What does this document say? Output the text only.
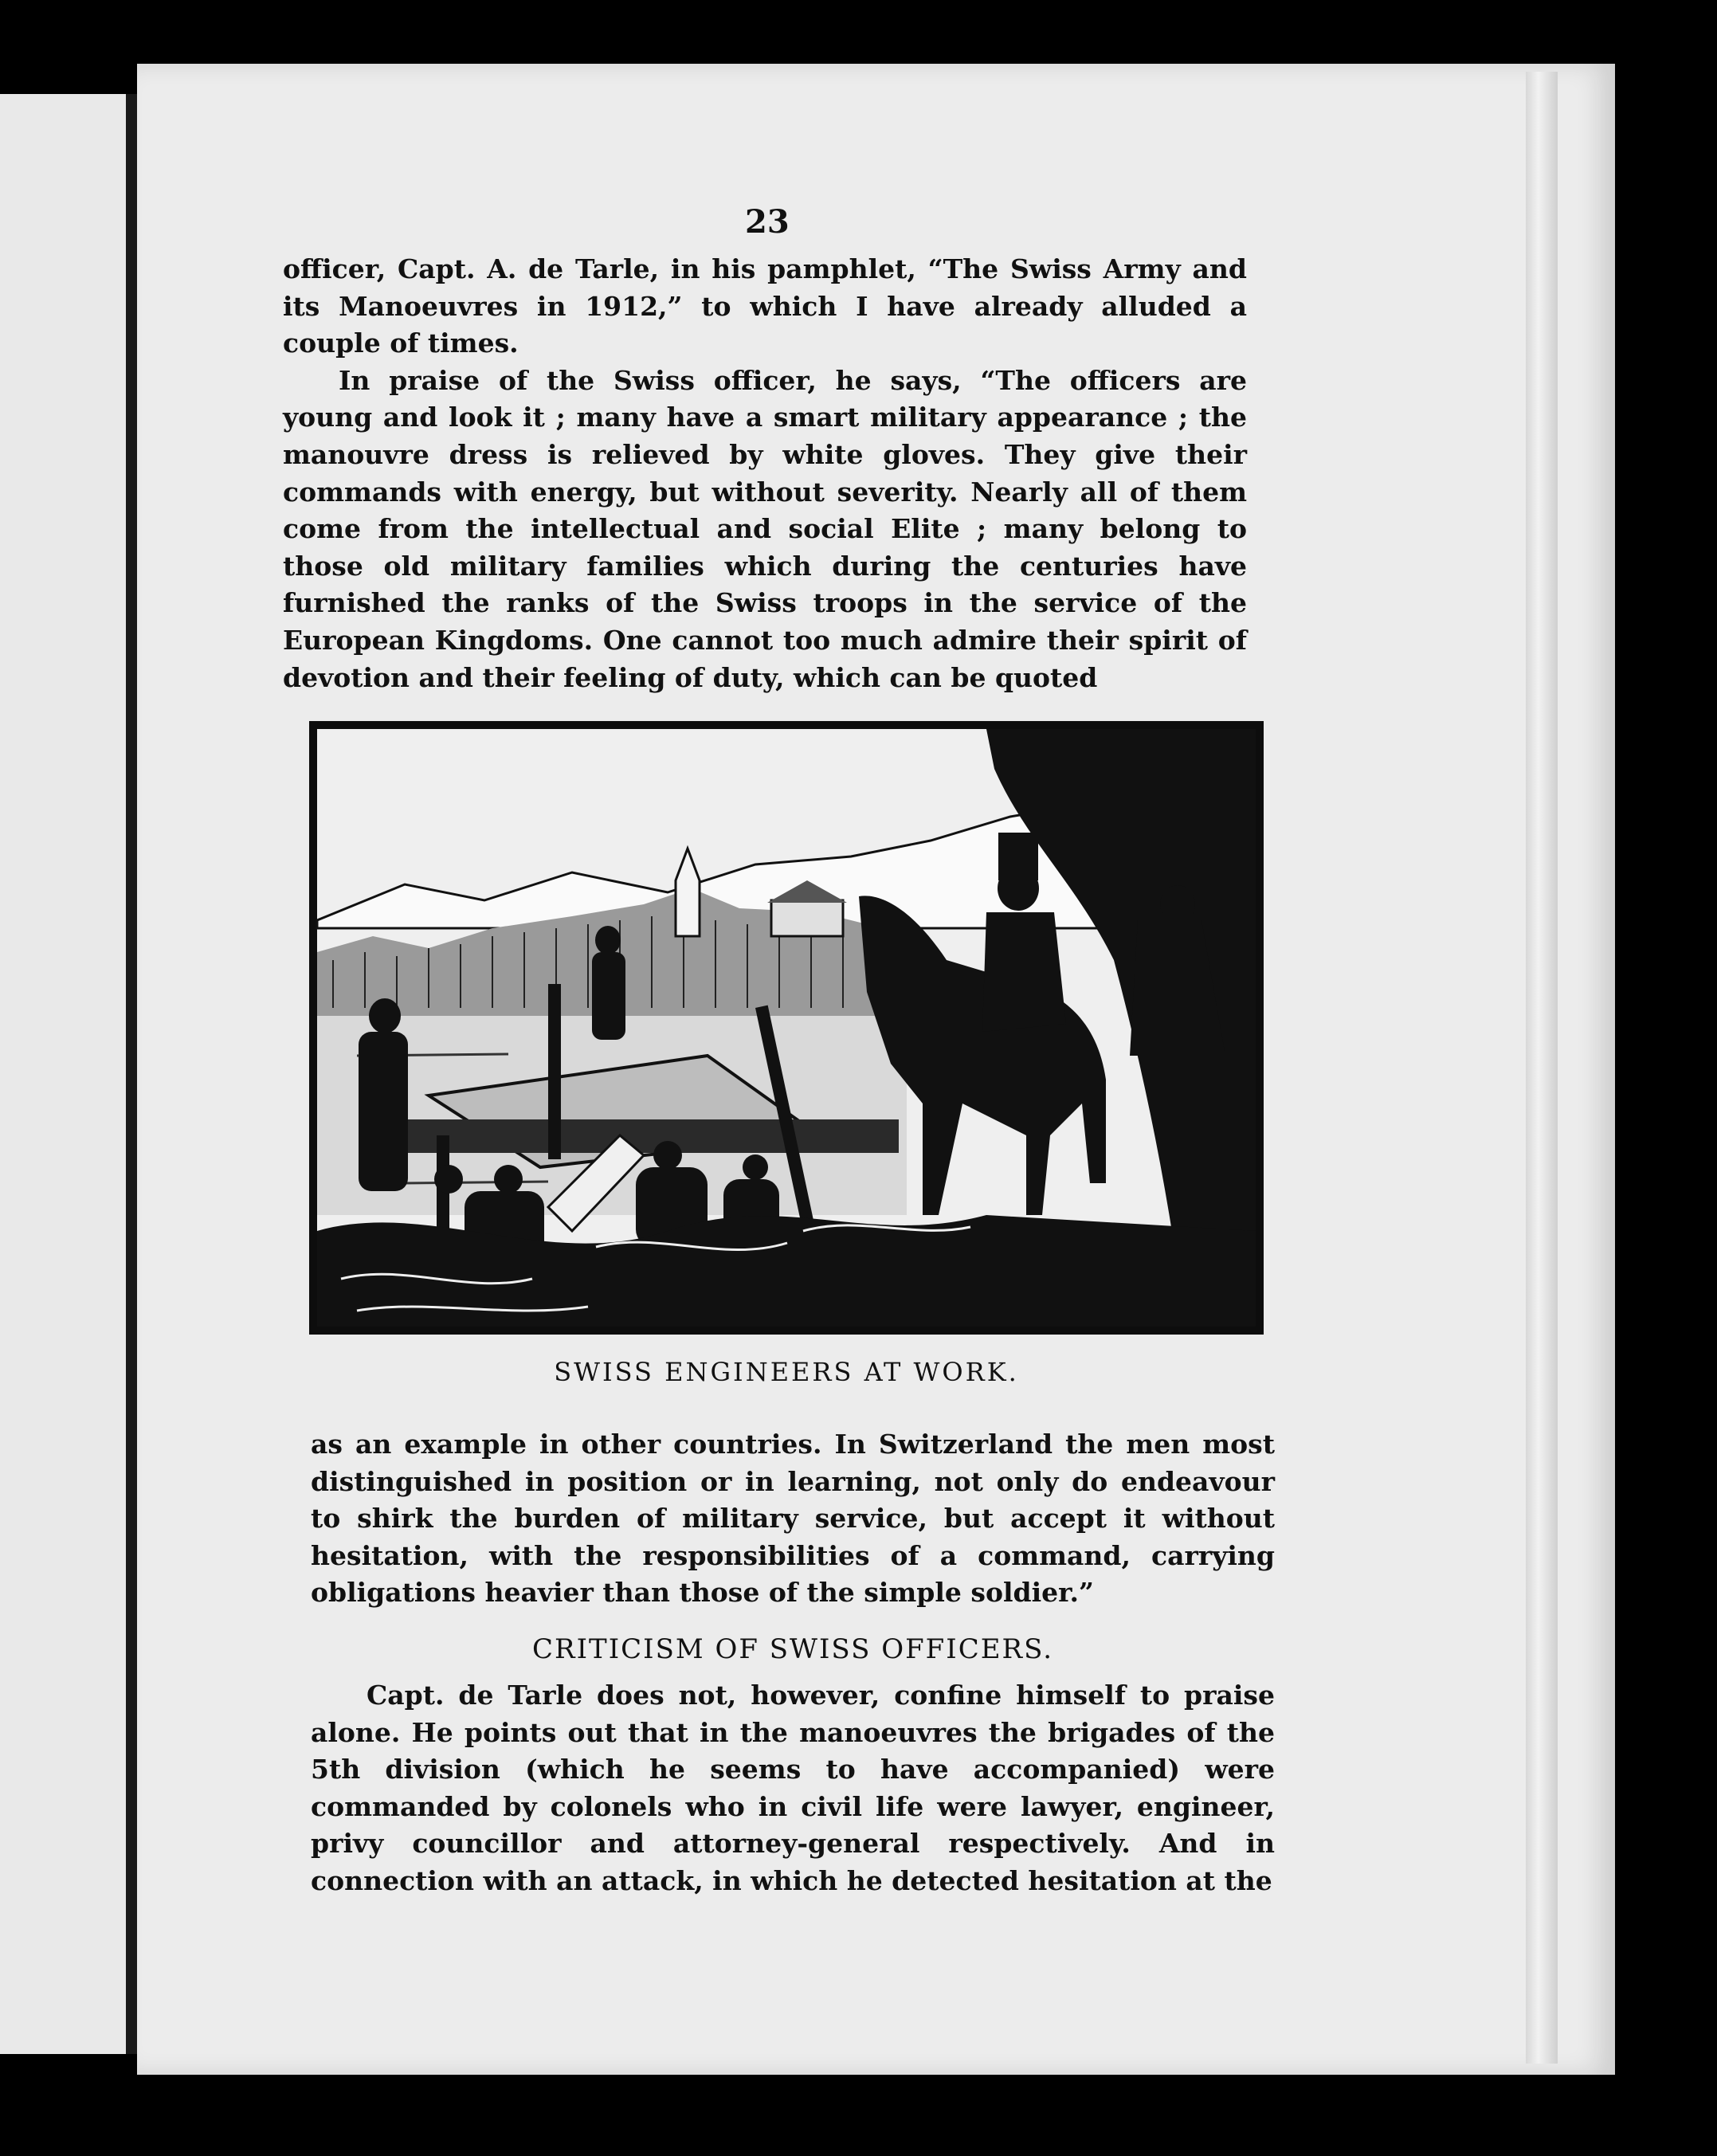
23

officer, Capt. A. de Tarle, in his pamphlet, “The Swiss Army and its Manoeuvres in 1912,” to which I have already alluded a couple of times.

In praise of the Swiss officer, he says, “The officers are young and look it ; many have a smart military appearance ; the manouvre dress is relieved by white gloves. They give their commands with energy, but without severity. Nearly all of them come from the intellectual and social Elite ; many belong to those old military families which during the centuries have furnished the ranks of the Swiss troops in the service of the European Kingdoms. One cannot too much admire their spirit of devotion and their feeling of duty, which can be quoted

SWISS ENGINEERS AT WORK.

as an example in other countries. In Switzerland the men most distinguished in position or in learning, not only do endeavour to shirk the burden of military service, but accept it without hesitation, with the responsibilities of a command, carrying obligations heavier than those of the simple soldier.”

CRITICISM OF SWISS OFFICERS.

Capt. de Tarle does not, however, confine himself to praise alone. He points out that in the manoeuvres the brigades of the 5th division (which he seems to have accompanied) were commanded by colonels who in civil life were lawyer, engineer, privy councillor and attorney-general respectively. And in connection with an attack, in which he detected hesitation at the
